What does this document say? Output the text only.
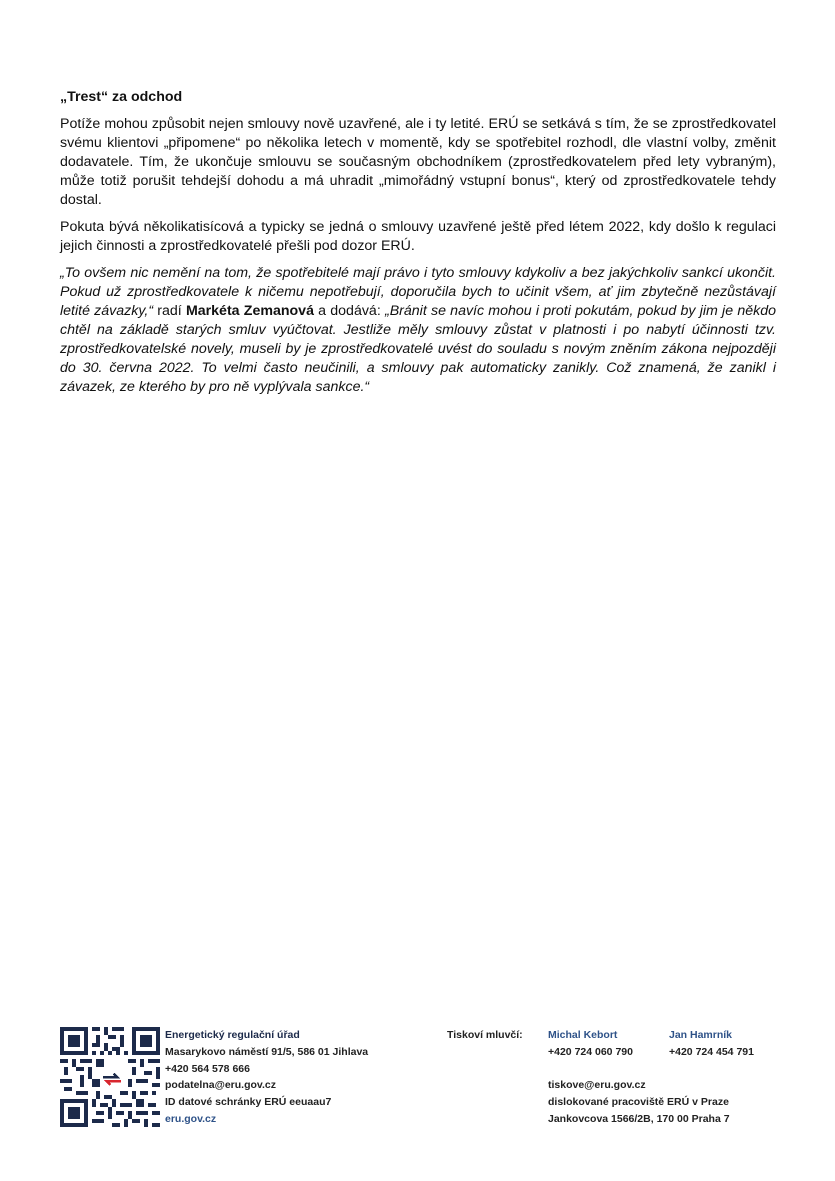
„Trest“ za odchod

Potíže mohou způsobit nejen smlouvy nově uzavřené, ale i ty letité. ERÚ se setkává s tím, že se zprostředkovatel svému klientovi „připomene“ po několika letech v momentě, kdy se spotřebitel rozhodl, dle vlastní volby, změnit dodavatele. Tím, že ukončuje smlouvu se současným obchodníkem (zprostředkovatelem před lety vybraným), může totiž porušit tehdejší dohodu a má uhradit „mimořádný vstupní bonus“, který od zprostředkovatele tehdy dostal.

Pokuta bývá několikatisícová a typicky se jedná o smlouvy uzavřené ještě před létem 2022, kdy došlo k regulaci jejich činnosti a zprostředkovatelé přešli pod dozor ERÚ.

„To ovšem nic nemění na tom, že spotřebitelé mají právo i tyto smlouvy kdykoliv a bez jakýchkoliv sankcí ukončit. Pokud už zprostředkovatele k ničemu nepotřebují, doporučila bych to učinit všem, ať jim zbytečně nezůstávají letité závazky,“ radí Markéta Zemanová a dodává: „Bránit se navíc mohou i proti pokutám, pokud by jim je někdo chtěl na základě starých smluv vyúčtovat. Jestliže měly smlouvy zůstat v platnosti i po nabytí účinnosti tzv. zprostředkovatelské novely, museli by je zprostředkovatelé uvést do souladu s novým zněním zákona nejpozději do 30. června 2022. To velmi často neučinili, a smlouvy pak automaticky zanikly. Což znamená, že zanikl i závazek, ze kterého by pro ně vyplývala sankce.“

Energetický regulační úřad
Masarykovo náměstí 91/5, 586 01 Jihlava
+420 564 578 666
podatelna@eru.gov.cz
ID datové schránky ERÚ eeuaau7
eru.gov.cz
Tiskoví mluvčí: Michal Kebort
+420 724 060 790
Jan Hamrník
+420 724 454 791
tiskove@eru.gov.cz
dislokované pracoviště ERÚ v Praze
Jankovcova 1566/2B, 170 00 Praha 7
